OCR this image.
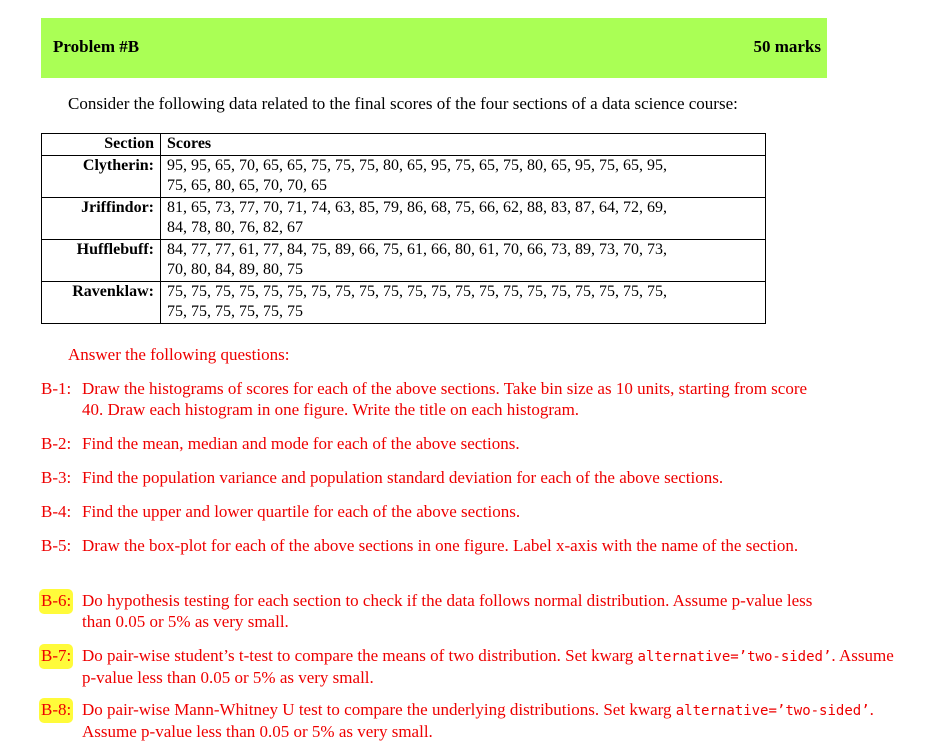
Problem #B	50 marks
Consider the following data related to the final scores of the four sections of a data science course:
Section	Scores
Clytherin:	95, 95, 65, 70, 65, 65, 75, 75, 75, 80, 65, 95, 75, 65, 75, 80, 65, 95, 75, 65, 95,
75, 65, 80, 65, 70, 70, 65

Jriffindor:	81, 65, 73, 77, 70, 71, 74, 63, 85, 79, 86, 68, 75, 66, 62, 88, 83, 87, 64, 72, 69,
84, 78, 80, 76, 82, 67

Hufflebuff:	84, 77, 77, 61, 77, 84, 75, 89, 66, 75, 61, 66, 80, 61, 70, 66, 73, 89, 73, 70, 73,
70, 80, 84, 89, 80, 75

Ravenklaw:	75, 75, 75, 75, 75, 75, 75, 75, 75, 75, 75, 75, 75, 75, 75, 75, 75, 75, 75, 75, 75,
75, 75, 75, 75, 75, 75
Answer the following questions:
B-1: Draw the histograms of scores for each of the above sections. Take bin size as 10 units, starting from score 40. Draw each histogram in one figure. Write the title on each histogram.
B-2: Find the mean, median and mode for each of the above sections.
B-3: Find the population variance and population standard deviation for each of the above sections.
B-4: Find the upper and lower quartile for each of the above sections.
B-5: Draw the box-plot for each of the above sections in one figure. Label x-axis with the name of the section.
B-6: Do hypothesis testing for each section to check if the data follows normal distribution. Assume p-value less than 0.05 or 5% as very small.
B-7: Do pair-wise student’s t-test to compare the means of two distribution. Set kwarg alternative=’two-sided’. Assume p-value less than 0.05 or 5% as very small.
B-8: Do pair-wise Mann-Whitney U test to compare the underlying distributions. Set kwarg alternative=’two-sided’. Assume p-value less than 0.05 or 5% as very small.
